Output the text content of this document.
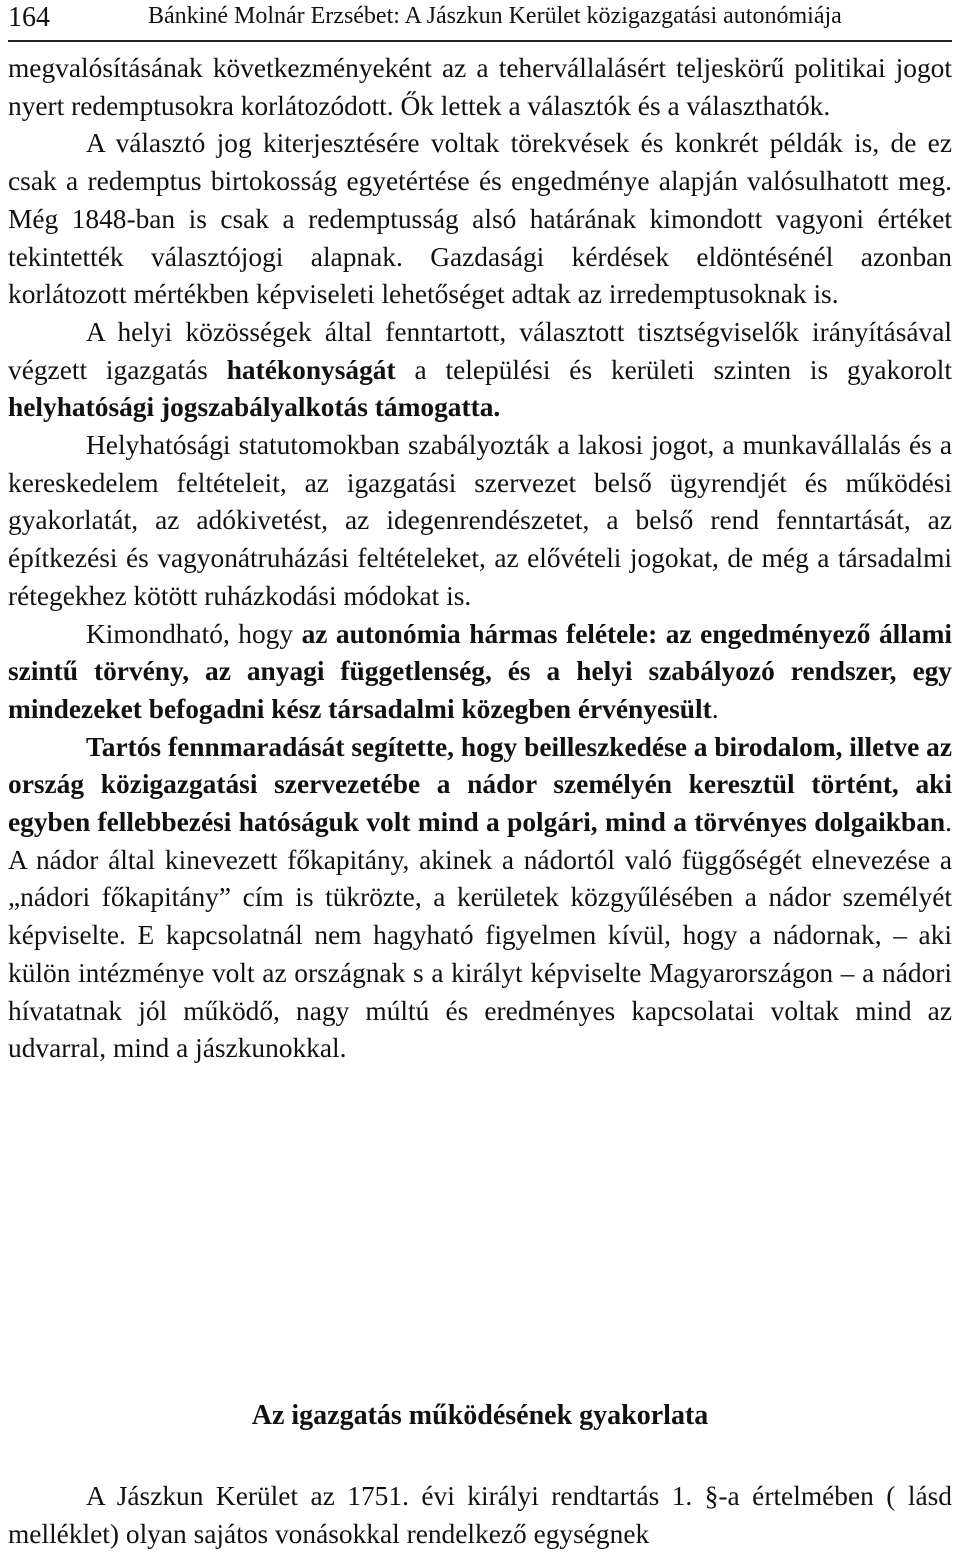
164	Bánkiné Molnár Erzsébet: A Jászkun Kerület közigazgatási autonómiája

megvalósításának következményeként az a tehervállalásért teljeskörű politikai jogot nyert redemptusokra korlátozódott. Ők lettek a választók és a választhatók.

A választó jog kiterjesztésére voltak törekvések és konkrét példák is, de ez csak a redemptus birtokosság egyetértése és engedménye alapján valósulhatott meg. Még 1848-ban is csak a redemptusság alsó határának kimondott vagyoni értéket tekintették választójogi alapnak. Gazdasági kérdések eldöntésénél azonban korlátozott mértékben képviseleti lehetőséget adtak az irredemptusoknak is.

A helyi közösségek által fenntartott, választott tisztségviselők irányításával végzett igazgatás hatékonyságát a települési és kerületi szinten is gyakorolt helyhatósági jogszabályalkotás támogatta.

Helyhatósági statutomokban szabályozták a lakosi jogot, a munkavállalás és a kereskedelem feltételeit, az igazgatási szervezet belső ügyrendjét és működési gyakorlatát, az adókivetést, az idegenrendészetet, a belső rend fenntartását, az építkezési és vagyonátruházási feltételeket, az elővételi jogokat, de még a társadalmi rétegekhez kötött ruházkodási módokat is.

Kimondható, hogy az autonómia hármas felétele: az engedményező állami szintű törvény, az anyagi függetlenség, és a helyi szabályozó rendszer, egy mindezeket befogadni kész társadalmi közegben érvényesült.

Tartós fennmaradását segítette, hogy beilleszkedése a birodalom, illetve az ország közigazgatási szervezetébe a nádor személyén keresztül történt, aki egyben fellebbezési hatóságuk volt mind a polgári, mind a törvényes dolgaikban. A nádor által kinevezett főkapitány, akinek a nádortól való függőségét elnevezése a „nádori főkapitány” cím is tükrözte, a kerületek közgyűlésében a nádor személyét képviselte. E kapcsolatnál nem hagyható figyelmen kívül, hogy a nádornak, – aki külön intézménye volt az országnak s a királyt képviselte Magyarországon – a nádori hívatatnak jól működő, nagy múltú és eredményes kapcsolatai voltak mind az udvarral, mind a jászkunokkal.

Az igazgatás működésének gyakorlata

A Jászkun Kerület az 1751. évi királyi rendtartás 1. §-a értelmében ( lásd melléklet) olyan sajátos vonásokkal rendelkező egységnek
